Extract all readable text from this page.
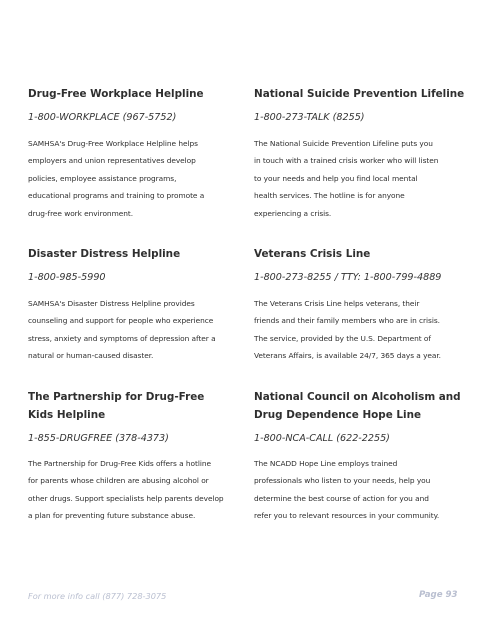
Drug-Free Workplace Helpline

1-800-WORKPLACE (967-5752)

SAMHSA's Drug-Free Workplace Helpline helps
employers and union representatives develop
policies, employee assistance programs,
educational programs and training to promote a
drug-free work environment.

National Suicide Prevention Lifeline

1-800-273-TALK (8255)

The National Suicide Prevention Lifeline puts you
in touch with a trained crisis worker who will listen
to your needs and help you find local mental
health services. The hotline is for anyone
experiencing a crisis.

Disaster Distress Helpline

1-800-985-5990

SAMHSA's Disaster Distress Helpline provides
counseling and support for people who experience
stress, anxiety and symptoms of depression after a
natural or human-caused disaster.

Veterans Crisis Line

1-800-273-8255 / TTY: 1-800-799-4889

The Veterans Crisis Line helps veterans, their
friends and their family members who are in crisis.
The service, provided by the U.S. Department of
Veterans Affairs, is available 24/7, 365 days a year.

The Partnership for Drug-Free
Kids Helpline

1-855-DRUGFREE (378-4373)

The Partnership for Drug-Free Kids offers a hotline
for parents whose children are abusing alcohol or
other drugs. Support specialists help parents develop
a plan for preventing future substance abuse.

National Council on Alcoholism and
Drug Dependence Hope Line

1-800-NCA-CALL (622-2255)

The NCADD Hope Line employs trained
professionals who listen to your needs, help you
determine the best course of action for you and
refer you to relevant resources in your community.

For more info call (877) 728-3075	Page 93
